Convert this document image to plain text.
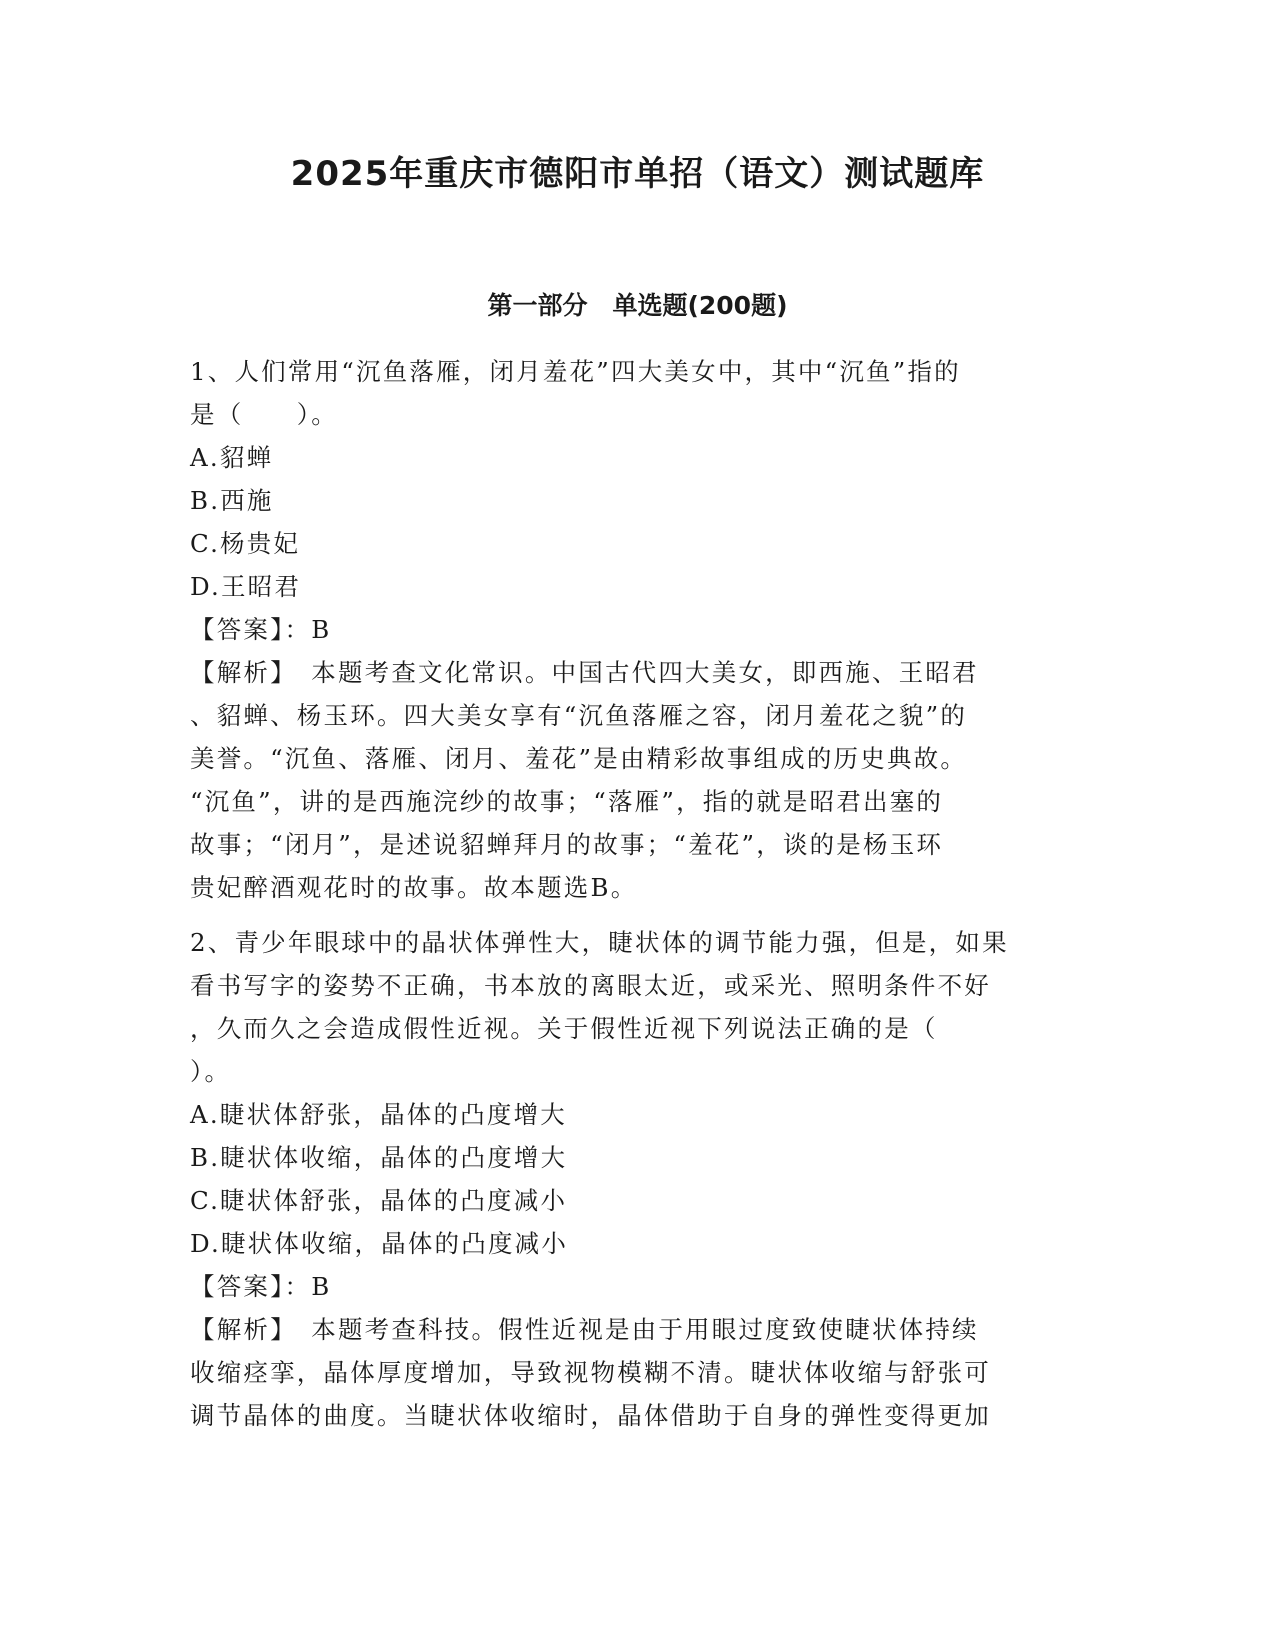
2025年重庆市德阳市单招（语文）测试题库
第一部分　单选题(200题)
1、人们常用“沉鱼落雁，闭月羞花”四大美女中，其中“沉鱼”指的
是（　　）。
A.貂蝉
B.西施
C.杨贵妃
D.王昭君
【答案】：B
【解析】　本题考查文化常识。中国古代四大美女，即西施、王昭君
、貂蝉、杨玉环。四大美女享有“沉鱼落雁之容，闭月羞花之貌”的
美誉。“沉鱼、落雁、闭月、羞花”是由精彩故事组成的历史典故。
“沉鱼”，讲的是西施浣纱的故事；“落雁”，指的就是昭君出塞的
故事；“闭月”，是述说貂蝉拜月的故事；“羞花”，谈的是杨玉环
贵妃醉酒观花时的故事。故本题选B。
2、青少年眼球中的晶状体弹性大，睫状体的调节能力强，但是，如果
看书写字的姿势不正确，书本放的离眼太近，或采光、照明条件不好
，久而久之会造成假性近视。关于假性近视下列说法正确的是（
）。
A.睫状体舒张，晶体的凸度增大
B.睫状体收缩，晶体的凸度增大
C.睫状体舒张，晶体的凸度减小
D.睫状体收缩，晶体的凸度减小
【答案】：B
【解析】　本题考查科技。假性近视是由于用眼过度致使睫状体持续
收缩痉挛，晶体厚度增加，导致视物模糊不清。睫状体收缩与舒张可
调节晶体的曲度。当睫状体收缩时，晶体借助于自身的弹性变得更加
